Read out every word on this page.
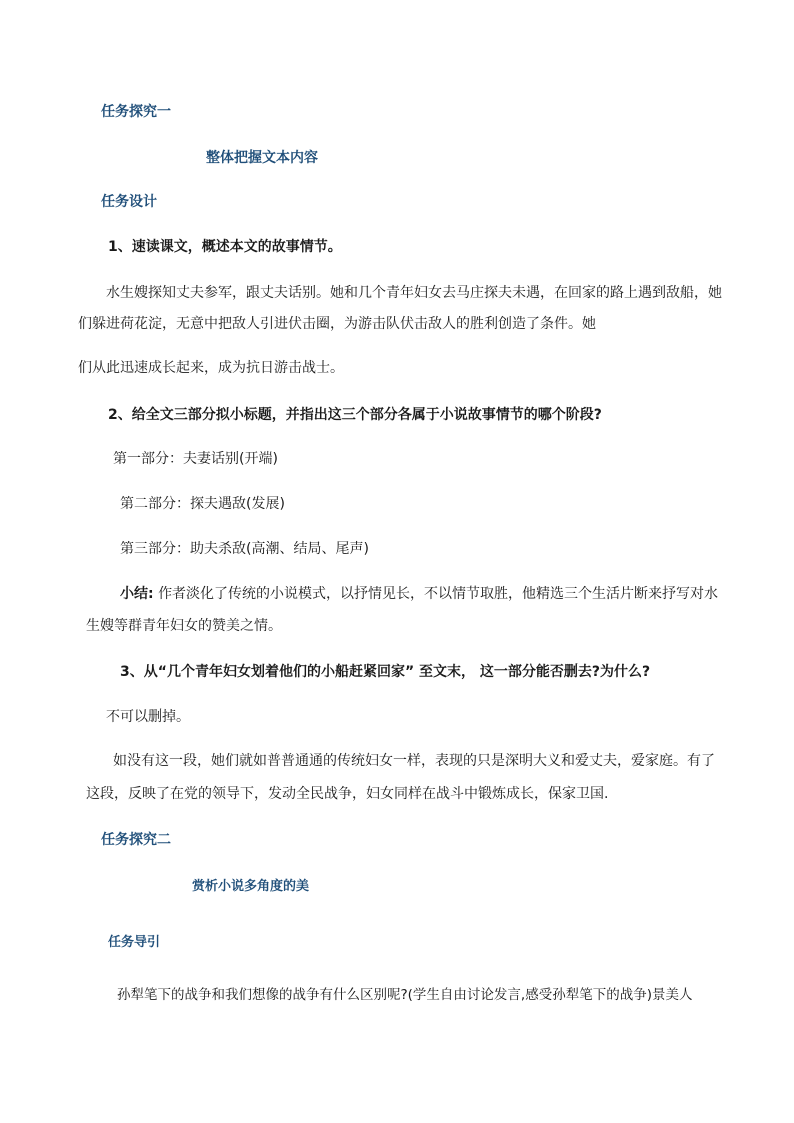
任务探究一
整体把握文本内容
任务设计
1、速读课文，概述本文的故事情节。
水生嫂探知丈夫参军，跟丈夫话别。她和几个青年妇女去马庄探夫未遇，在回家的路上遇到敌船，她
们躲进荷花淀，无意中把敌人引进伏击圈，为游击队伏击敌人的胜利创造了条件。她
们从此迅速成长起来，成为抗日游击战士。
2、给全文三部分拟小标题，并指出这三个部分各属于小说故事情节的哪个阶段?
第一部分：夫妻话别(开端)
第二部分：探夫遇敌(发展)
第三部分：助夫杀敌(高潮、结局、尾声)
小结: 作者淡化了传统的小说模式，以抒情见长，不以情节取胜，他精选三个生活片断来抒写对水
生嫂等群青年妇女的赞美之情。
3、从“几个青年妇女划着他们的小船赶紧回家” 至文末， 这一部分能否删去?为什么?
不可以删掉。
如没有这一段，她们就如普普通通的传统妇女一样，表现的只是深明大义和爱丈夫，爱家庭。有了
这段，反映了在党的领导下，发动全民战争，妇女同样在战斗中锻炼成长，保家卫国.
任务探究二
赏析小说多角度的美
任务导引
孙犁笔下的战争和我们想像的战争有什么区别呢?(学生自由讨论发言,感受孙犁笔下的战争)景美人
